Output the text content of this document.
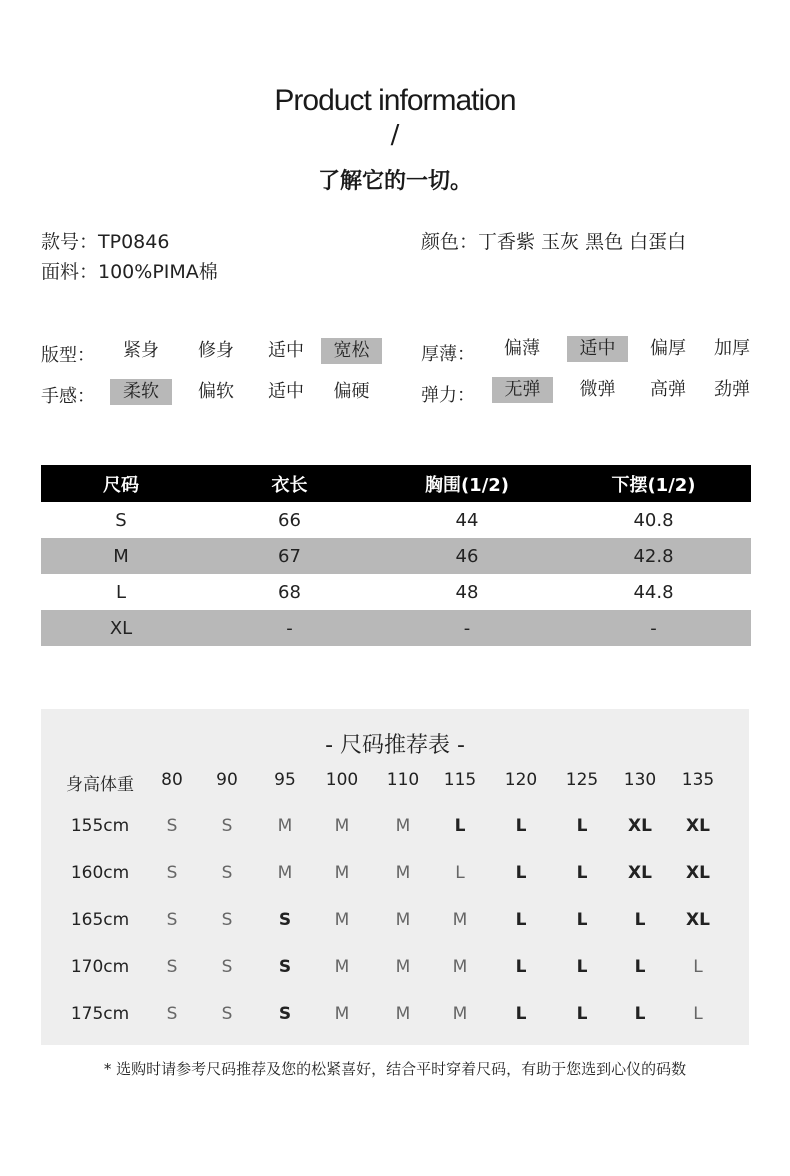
Product information
/
了解它的一切。
款号：TP0846
面料：100%PIMA棉
颜色：丁香紫 玉灰 黑色 白蛋白
版型：	紧身	修身	适中	宽松	厚薄：	偏薄	适中	偏厚	加厚
手感：	柔软	偏软	适中	偏硬	弹力：	无弹	微弹	高弹	劲弹
尺码	衣长	胸围(1/2)	下摆(1/2)
S	66	44	40.8
M	67	46	42.8
L	68	48	44.8
XL	-	-	-
- 尺码推荐表 -
身高体重	80	90	95	100	110	115	120	125	130	135
155cm	S	S	M	M	M	L	L	L	XL	XL
160cm	S	S	M	M	M	L	L	L	XL	XL
165cm	S	S	S	M	M	M	L	L	L	XL
170cm	S	S	S	M	M	M	L	L	L	L
175cm	S	S	S	M	M	M	L	L	L	L
* 选购时请参考尺码推荐及您的松紧喜好，结合平时穿着尺码，有助于您选到心仪的码数
